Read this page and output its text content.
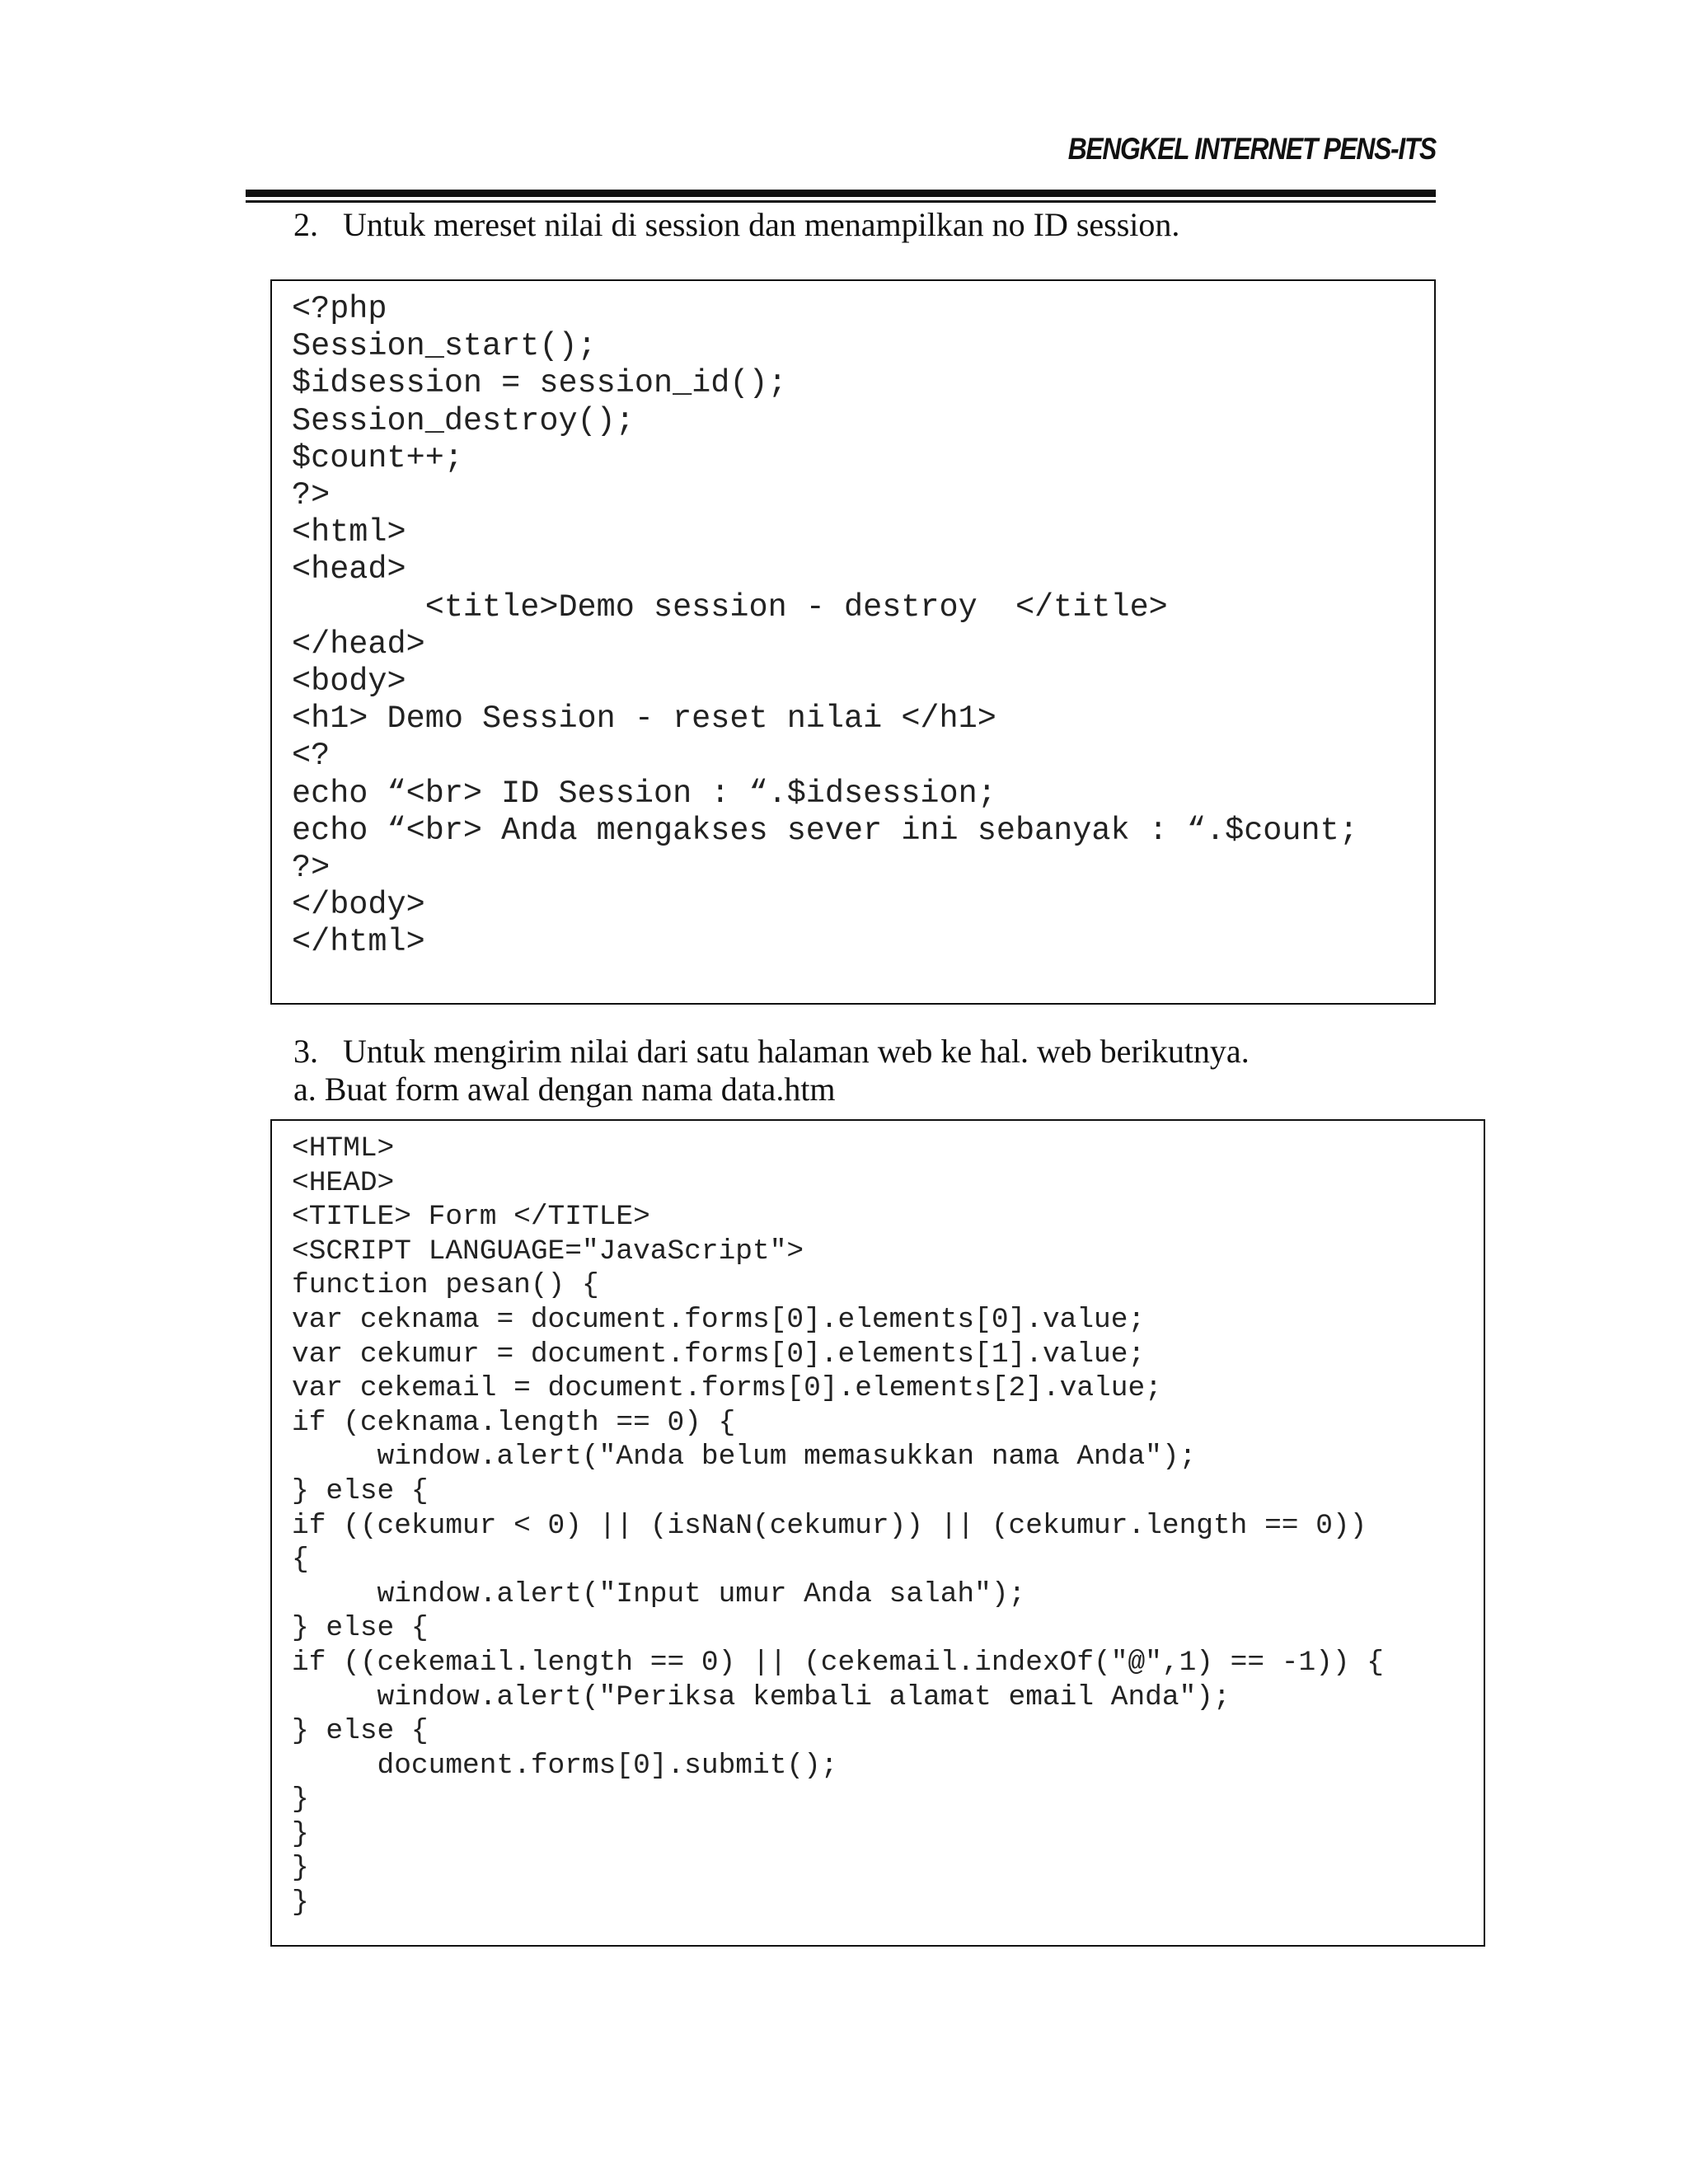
BENGKEL INTERNET PENS-ITS
2.   Untuk mereset nilai di session dan menampilkan no ID session.
<?php
Session_start();
$idsession = session_id();
Session_destroy();
$count++;
?>
<html>
<head>
<title>Demo session - destroy  </title>
</head>
<body>
<h1> Demo Session - reset nilai </h1>
<?
echo “<br> ID Session : “.$idsession;
echo “<br> Anda mengakses sever ini sebanyak : “.$count;
?>
</body>
</html>
3.   Untuk mengirim nilai dari satu halaman web ke hal. web berikutnya.
a. Buat form awal dengan nama data.htm
<HTML>
<HEAD>
<TITLE> Form </TITLE>
<SCRIPT LANGUAGE="JavaScript">
function pesan() {
var ceknama = document.forms[0].elements[0].value;
var cekumur = document.forms[0].elements[1].value;
var cekemail = document.forms[0].elements[2].value;
if (ceknama.length == 0) {
window.alert("Anda belum memasukkan nama Anda");
} else {
if ((cekumur < 0) || (isNaN(cekumur)) || (cekumur.length == 0))
{
window.alert("Input umur Anda salah");
} else {
if ((cekemail.length == 0) || (cekemail.indexOf("@",1) == -1)) {
window.alert("Periksa kembali alamat email Anda");
} else {
document.forms[0].submit();
}
}
}
}
